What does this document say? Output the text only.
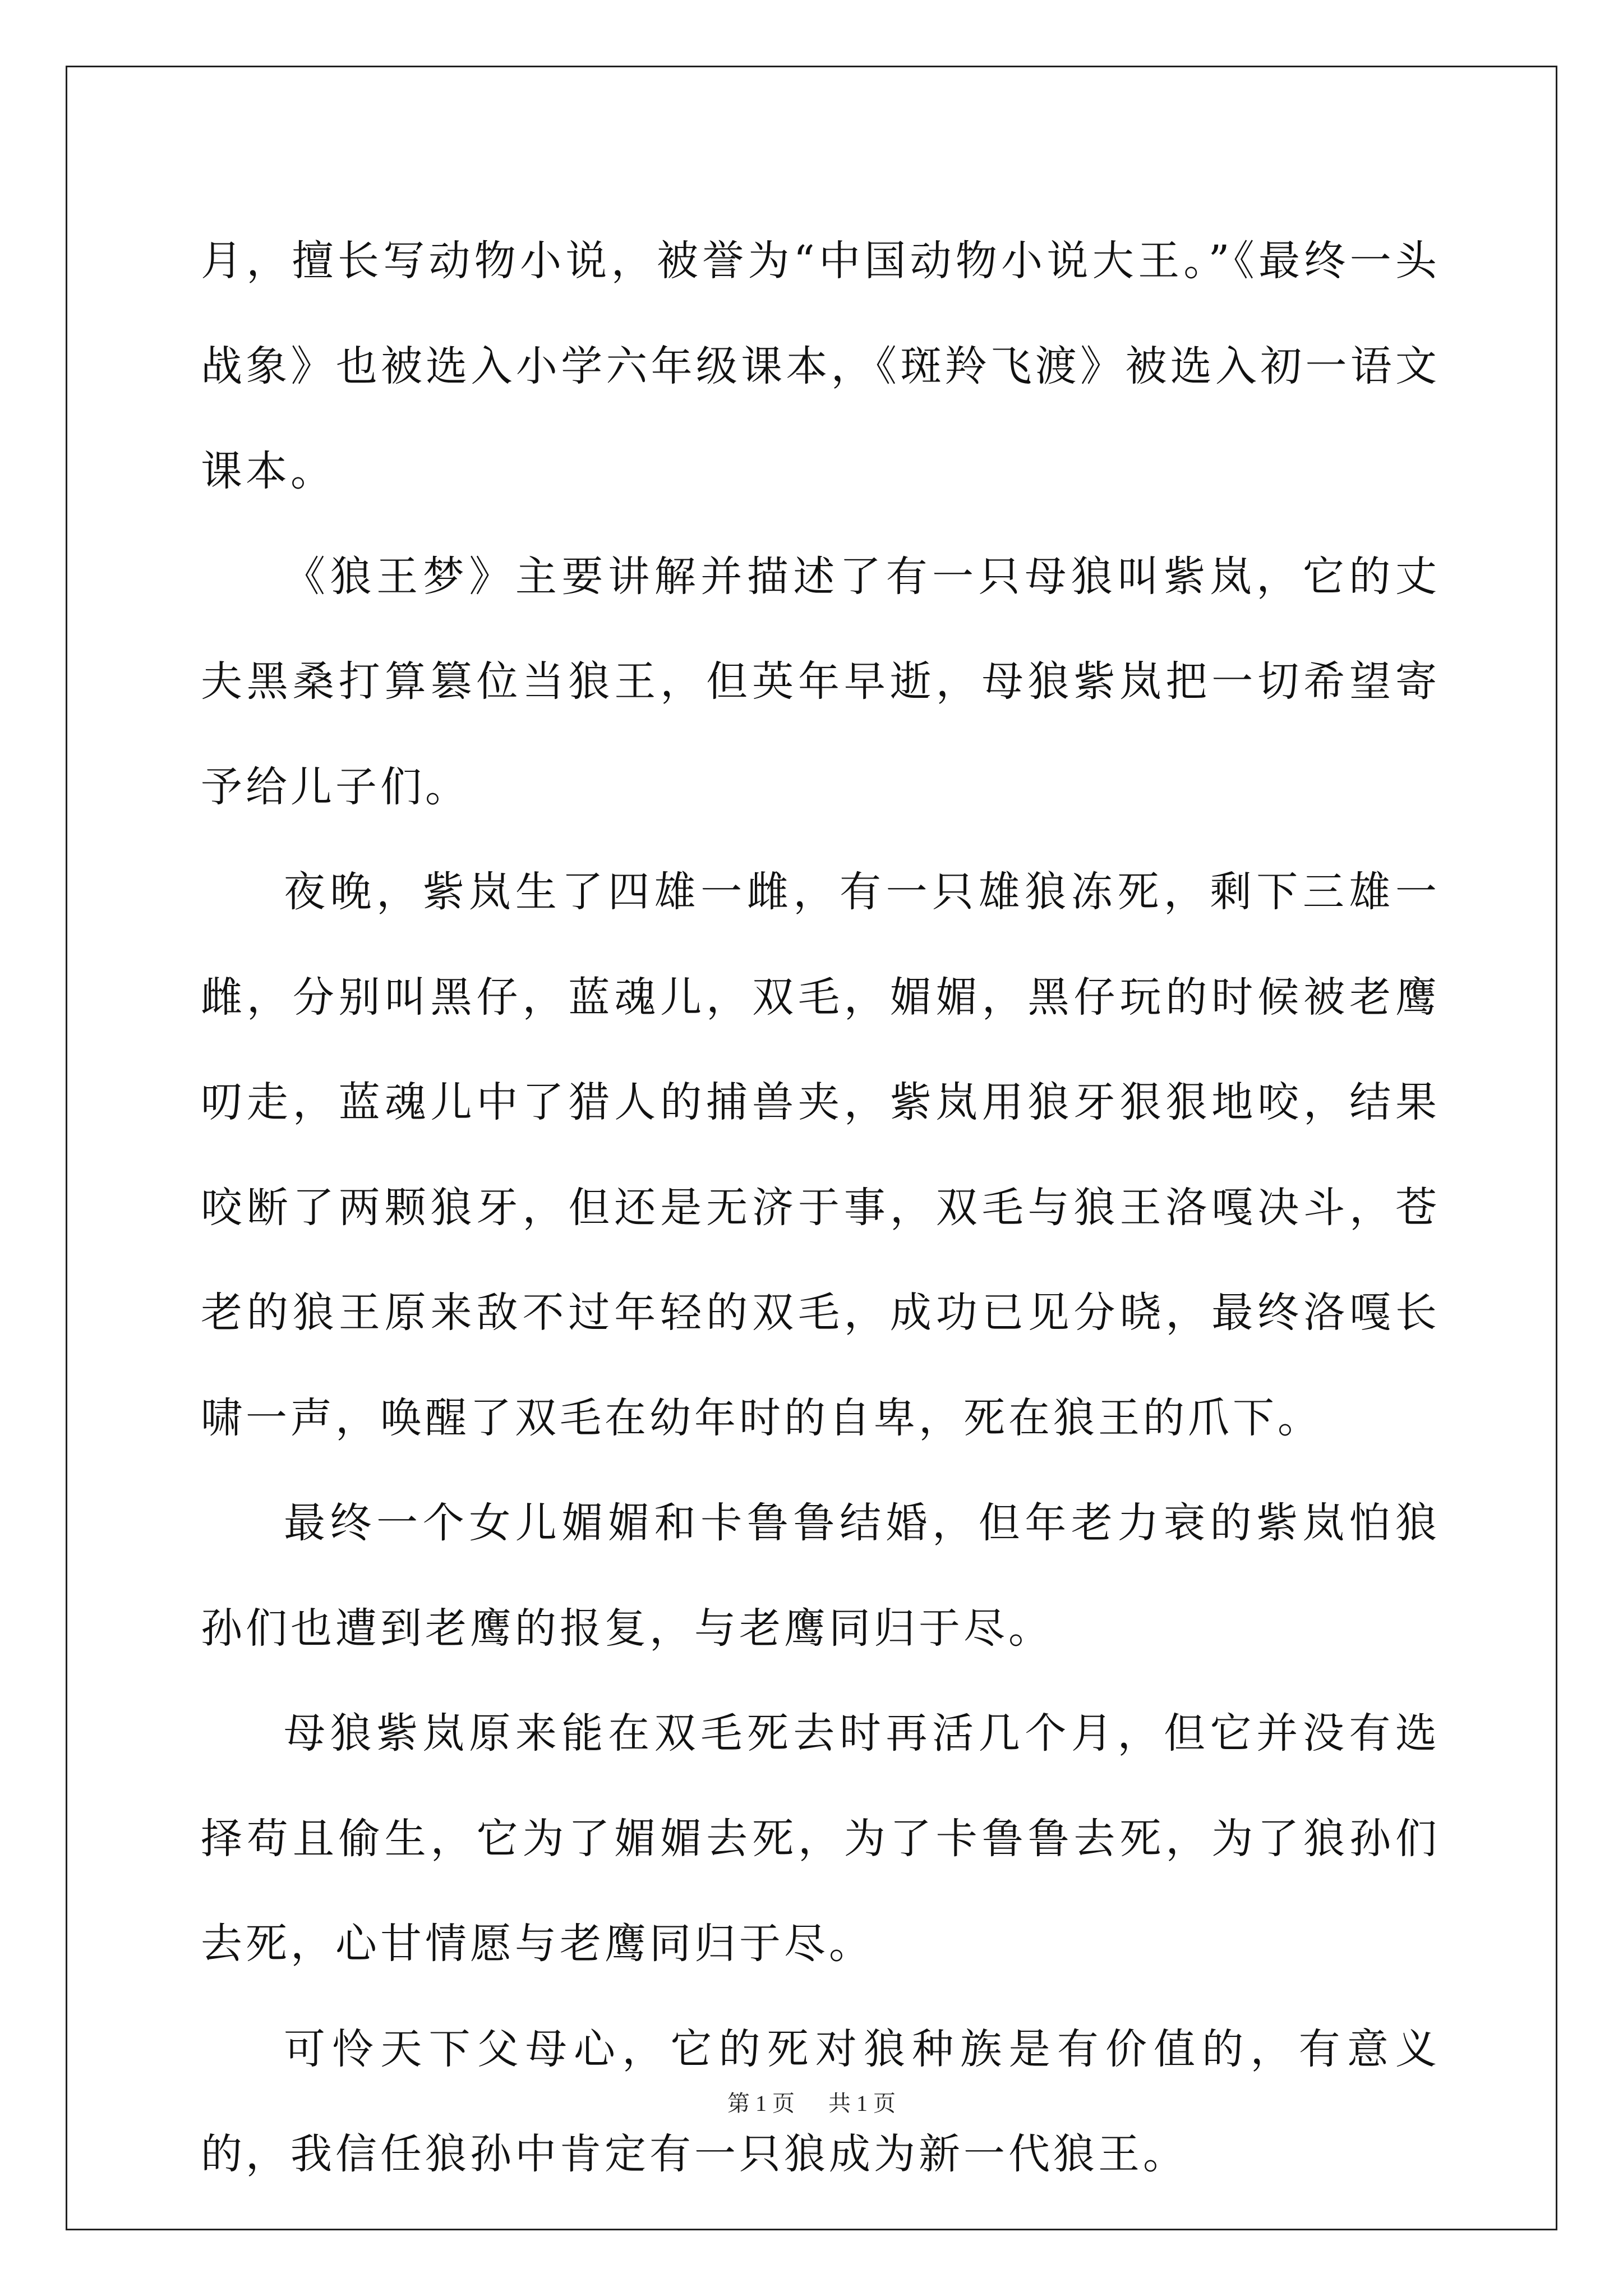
月，擅长写动物小说，被誉为“中国动物小说大王。”《最终一头战象》也被选入小学六年级课本，《斑羚飞渡》被选入初一语文课本。

《狼王梦》主要讲解并描述了有一只母狼叫紫岚，它的丈夫黑桑打算篡位当狼王，但英年早逝，母狼紫岚把一切希望寄予给儿子们。

夜晚，紫岚生了四雄一雌，有一只雄狼冻死，剩下三雄一雌，分别叫黑仔，蓝魂儿，双毛，媚媚，黑仔玩的时候被老鹰叨走，蓝魂儿中了猎人的捕兽夹，紫岚用狼牙狠狠地咬，结果咬断了两颗狼牙，但还是无济于事，双毛与狼王洛嘎决斗，苍老的狼王原来敌不过年轻的双毛，成功已见分晓，最终洛嘎长啸一声，唤醒了双毛在幼年时的自卑，死在狼王的爪下。

最终一个女儿媚媚和卡鲁鲁结婚，但年老力衰的紫岚怕狼孙们也遭到老鹰的报复，与老鹰同归于尽。

母狼紫岚原来能在双毛死去时再活几个月，但它并没有选择苟且偷生，它为了媚媚去死，为了卡鲁鲁去死，为了狼孙们去死，心甘情愿与老鹰同归于尽。

可怜天下父母心，它的死对狼种族是有价值的，有意义的，我信任狼孙中肯定有一只狼成为新一代狼王。

第 1 页 共 1 页
